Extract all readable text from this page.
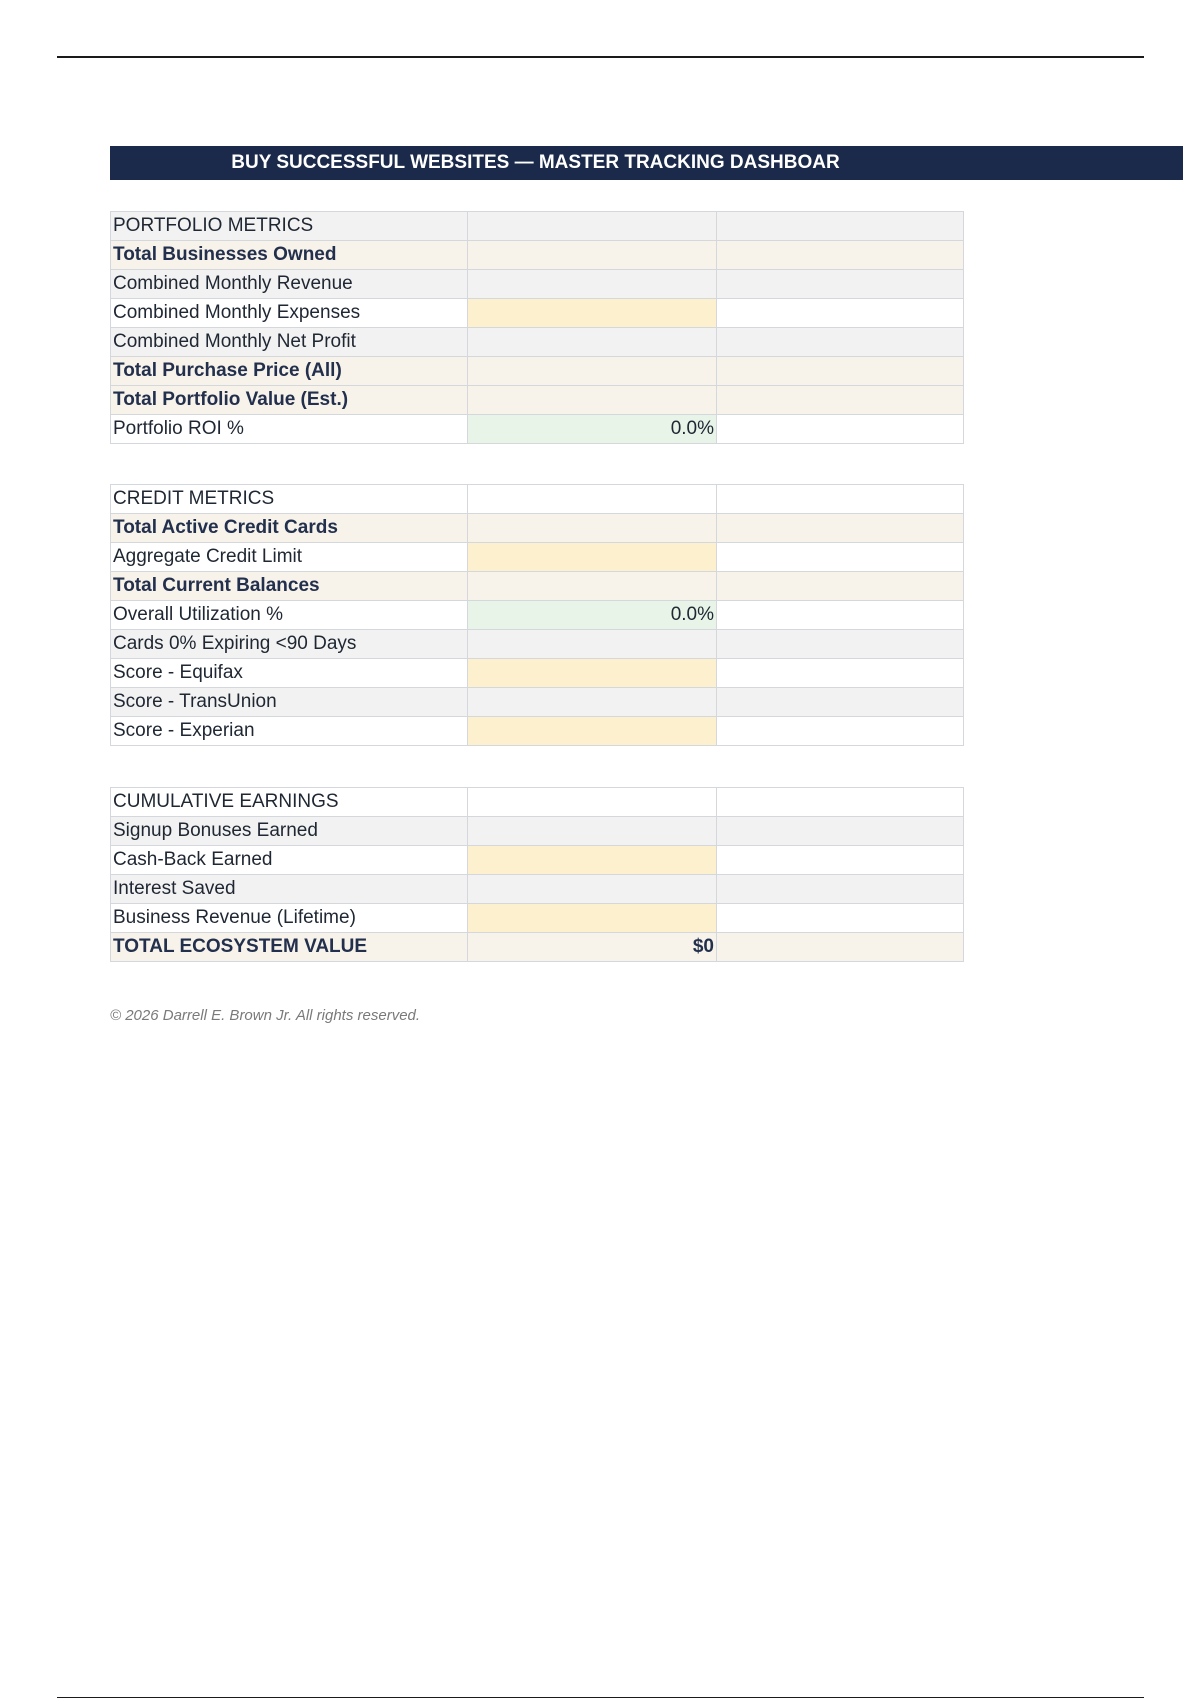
BUY SUCCESSFUL WEBSITES — MASTER TRACKING DASHBOAR
PORTFOLIO METRICS		
Total Businesses Owned		
Combined Monthly Revenue		
Combined Monthly Expenses		
Combined Monthly Net Profit		
Total Purchase Price (All)		
Total Portfolio Value (Est.)		
Portfolio ROI %	0.0%	
CREDIT METRICS		
Total Active Credit Cards		
Aggregate Credit Limit		
Total Current Balances		
Overall Utilization %	0.0%	
Cards 0% Expiring <90 Days		
Score - Equifax		
Score - TransUnion		
Score - Experian		
CUMULATIVE EARNINGS		
Signup Bonuses Earned		
Cash-Back Earned		
Interest Saved		
Business Revenue (Lifetime)		
TOTAL ECOSYSTEM VALUE	$0	
© 2026 Darrell E. Brown Jr. All rights reserved.
